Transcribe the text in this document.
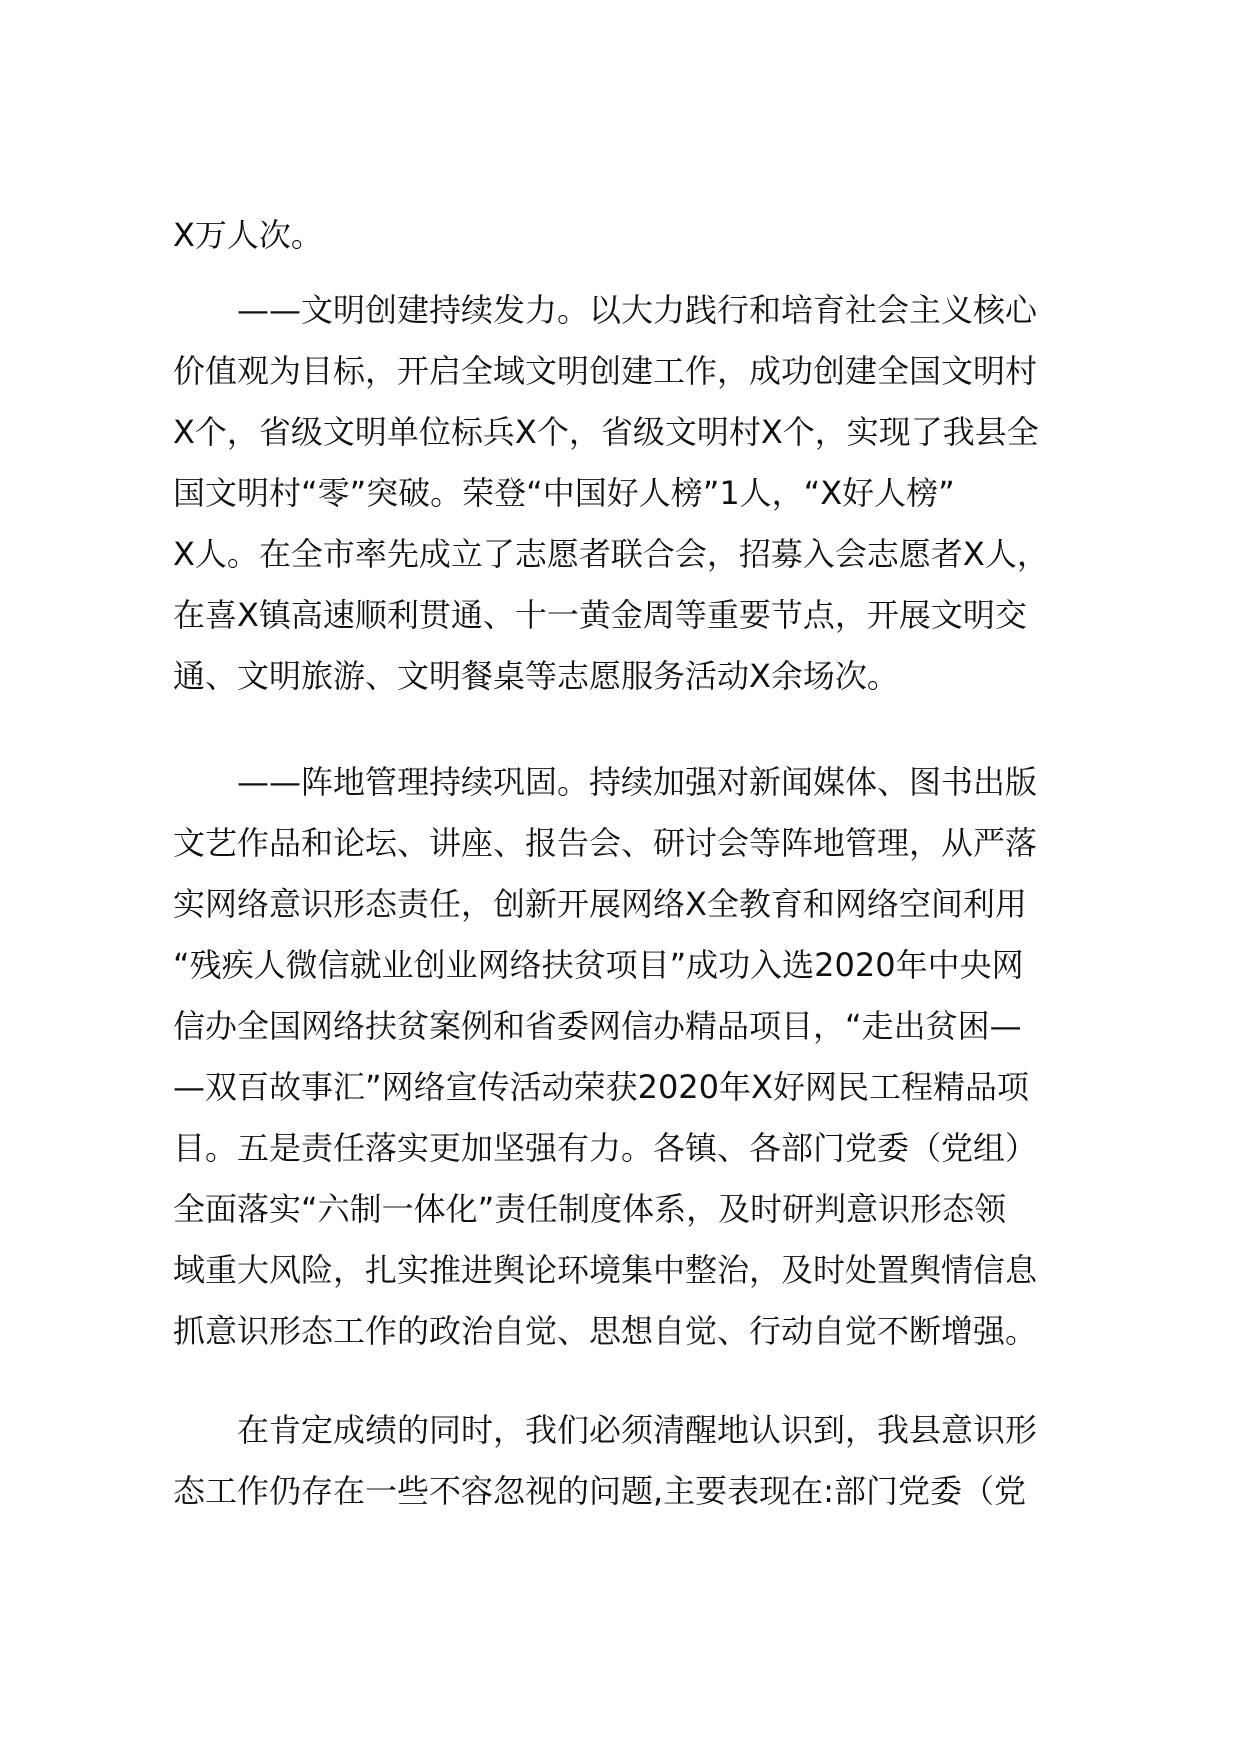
X万人次。
　　——文明创建持续发力。以大力践行和培育社会主义核心
价值观为目标，开启全域文明创建工作，成功创建全国文明村
X个，省级文明单位标兵X个，省级文明村X个，实现了我县全
国文明村“零”突破。荣登“中国好人榜”1人，“X好人榜”
X人。在全市率先成立了志愿者联合会，招募入会志愿者X人，
在喜X镇高速顺利贯通、十一黄金周等重要节点，开展文明交
通、文明旅游、文明餐桌等志愿服务活动X余场次。
　　——阵地管理持续巩固。持续加强对新闻媒体、图书出版
文艺作品和论坛、讲座、报告会、研讨会等阵地管理，从严落
实网络意识形态责任，创新开展网络X全教育和网络空间利用
“残疾人微信就业创业网络扶贫项目”成功入选2020年中央网
信办全国网络扶贫案例和省委网信办精品项目，“走出贫困—
—双百故事汇”网络宣传活动荣获2020年X好网民工程精品项
目。五是责任落实更加坚强有力。各镇、各部门党委（党组）
全面落实“六制一体化”责任制度体系，及时研判意识形态领
域重大风险，扎实推进舆论环境集中整治，及时处置舆情信息
抓意识形态工作的政治自觉、思想自觉、行动自觉不断增强。
　　在肯定成绩的同时，我们必须清醒地认识到，我县意识形
态工作仍存在一些不容忽视的问题,主要表现在:部门党委（党
